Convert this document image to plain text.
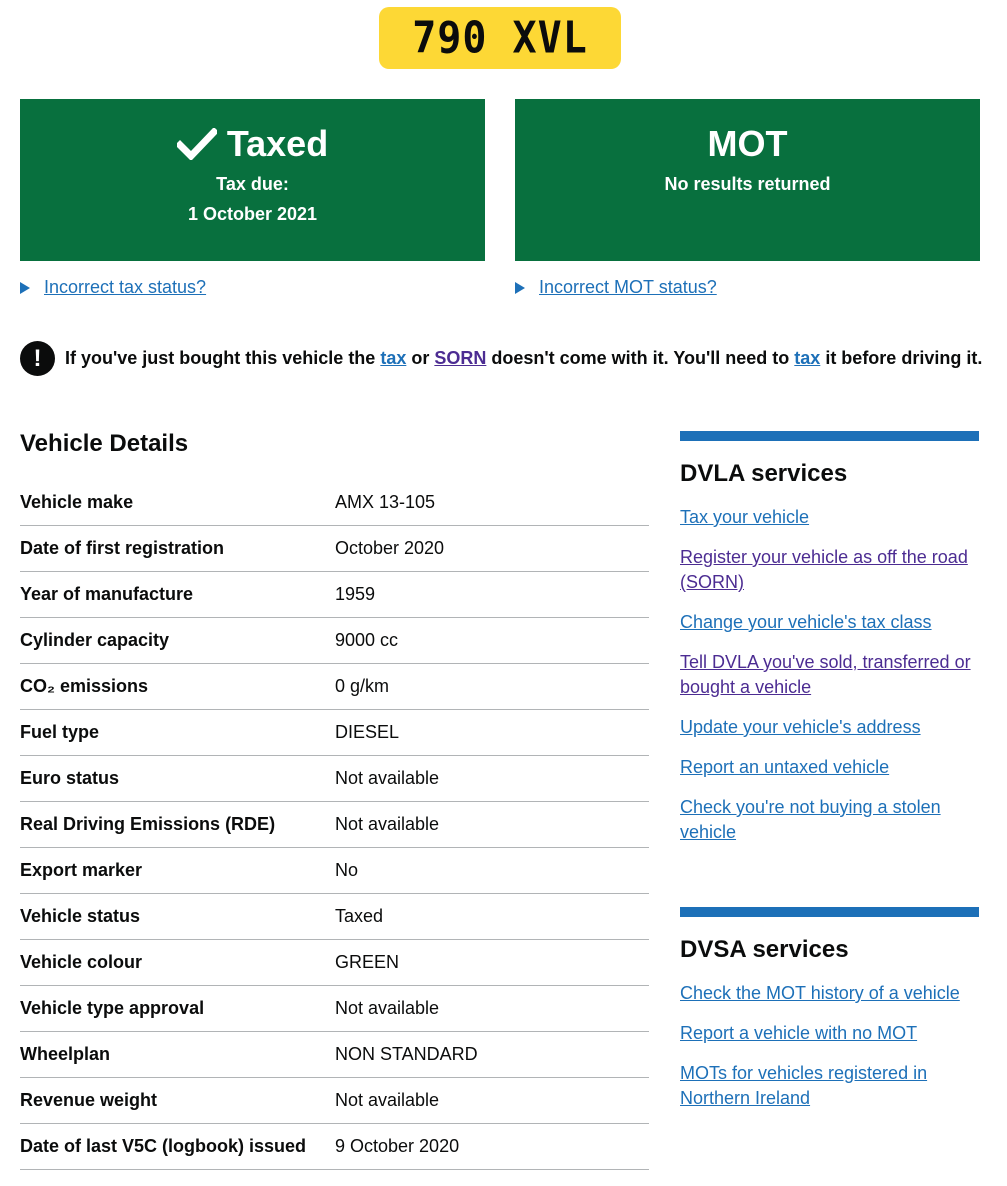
790 XVL
Taxed
Tax due:
1 October 2021
MOT
No results returned
Incorrect tax status?	Incorrect MOT status?
!	If you've just bought this vehicle the tax or SORN doesn't come with it. You'll need to tax it before driving it.
Vehicle Details
Vehicle make	AMX 13-105
Date of first registration	October 2020
Year of manufacture	1959
Cylinder capacity	9000 cc
CO₂ emissions	0 g/km
Fuel type	DIESEL
Euro status	Not available
Real Driving Emissions (RDE)	Not available
Export marker	No
Vehicle status	Taxed
Vehicle colour	GREEN
Vehicle type approval	Not available
Wheelplan	NON STANDARD
Revenue weight	Not available
Date of last V5C (logbook) issued	9 October 2020
DVLA services
Tax your vehicle
Register your vehicle as off the road (SORN)
Change your vehicle's tax class
Tell DVLA you've sold, transferred or bought a vehicle
Update your vehicle's address
Report an untaxed vehicle
Check you're not buying a stolen vehicle
DVSA services
Check the MOT history of a vehicle
Report a vehicle with no MOT
MOTs for vehicles registered in Northern Ireland
